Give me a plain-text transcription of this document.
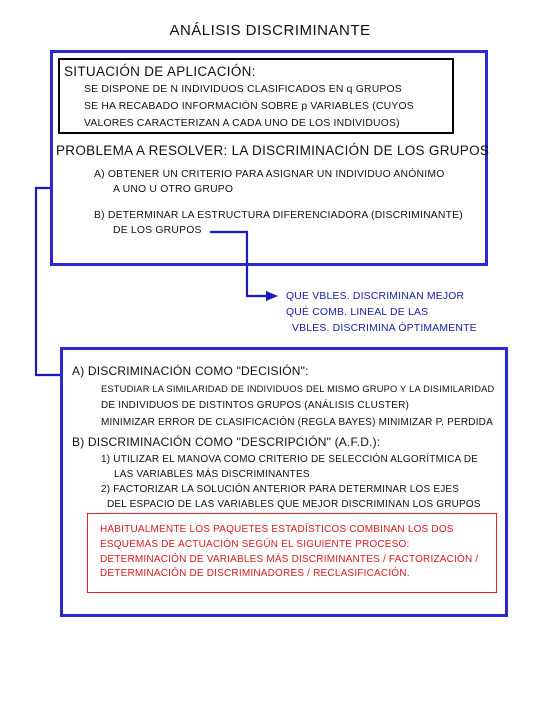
ANÁLISIS DISCRIMINANTE
SITUACIÓN DE APLICACIÓN:
SE DISPONE DE N INDIVIDUOS CLASIFICADOS EN q GRUPOS
SE HA RECABADO INFORMACIÓN SOBRE p VARIABLES (CUYOS
VALORES CARACTERIZAN A CADA UNO DE LOS INDIVIDUOS)
PROBLEMA A RESOLVER: LA DISCRIMINACIÓN DE LOS GRUPOS
A) OBTENER UN CRITERIO PARA ASIGNAR UN INDIVIDUO ANÓNIMO
A UNO U OTRO GRUPO
B) DETERMINAR LA ESTRUCTURA DIFERENCIADORA (DISCRIMINANTE)
DE LOS GRUPOS
QUE VBLES. DISCRIMINAN MEJOR
QUÉ COMB. LINEAL DE LAS
VBLES. DISCRIMINA ÓPTIMAMENTE
A) DISCRIMINACIÓN COMO "DECISIÓN":
ESTUDIAR LA SIMILARIDAD DE INDIVIDUOS DEL MISMO GRUPO Y LA DISIMILARIDAD
DE INDIVIDUOS DE DISTINTOS GRUPOS (ANÁLISIS CLUSTER)
MINIMIZAR ERROR DE CLASIFICACIÓN (REGLA BAYES) MINIMIZAR P. PERDIDA
B) DISCRIMINACIÓN COMO "DESCRIPCIÓN" (A.F.D.):
1) UTILIZAR EL MANOVA COMO CRITERIO DE SELECCIÓN ALGORÍTMICA DE
LAS VARIABLES MÁS DISCRIMINANTES
2) FACTORIZAR LA SOLUCIÓN ANTERIOR PARA DETERMINAR LOS EJES
DEL ESPACIO DE LAS VARIABLES QUE MEJOR DISCRIMINAN LOS GRUPOS
HABITUALMENTE LOS PAQUETES ESTADÍSTICOS COMBINAN LOS DOS
ESQUEMAS DE ACTUACIÓN SEGÚN EL SIGUIENTE PROCESO:
DETERMINACIÓN DE VARIABLES MÁS DISCRIMINANTES / FACTORIZACIÓN /
DETERMINACIÓN DE DISCRIMINADORES / RECLASIFICACIÓN.
